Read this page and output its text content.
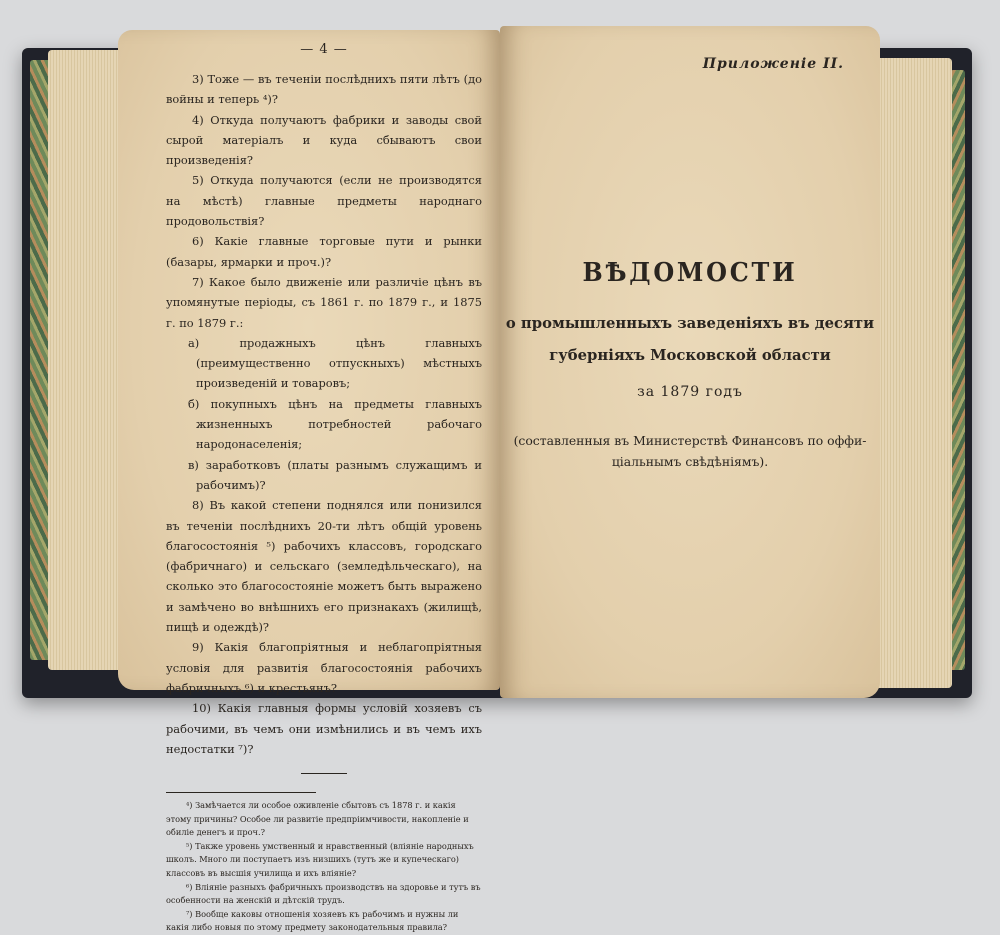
— 4 —

3) Тоже — въ теченіи послѣднихъ пяти лѣтъ (до войны и теперь ⁴)?

4) Откуда получаютъ фабрики и заводы свой сырой матеріалъ и куда сбываютъ свои произведенія?

5) Откуда получаются (если не производятся на мѣстѣ) главные предметы народнаго продовольствія?

6) Какіе главные торговые пути и рынки (базары, ярмарки и проч.)?

7) Какое было движеніе или различіе цѣнъ въ упомянутые періоды, съ 1861 г. по 1879 г., и 1875 г. по 1879 г.:

а) продажныхъ цѣнъ главныхъ (преимущественно отпускныхъ) мѣстныхъ произведеній и товаровъ;

б) покупныхъ цѣнъ на предметы главныхъ жизненныхъ потребностей рабочаго народонаселенія;

в) заработковъ (платы разнымъ служащимъ и рабочимъ)?

8) Въ какой степени поднялся или понизился въ теченіи послѣднихъ 20-ти лѣтъ общій уровень благосостоянія ⁵) рабочихъ классовъ, городскаго (фабричнаго) и сельскаго (земледѣльческаго), на сколько это благосостояніе можетъ быть выражено и замѣчено во внѣшнихъ его признакахъ (жилищѣ, пищѣ и одеждѣ)?

9) Какія благопріятныя и неблагопріятныя условія для развитія благосостоянія рабочихъ фабричныхъ ⁶) и крестьянъ?

10) Какія главныя формы условій хозяевъ съ рабочими, въ чемъ они измѣнились и въ чемъ ихъ недостатки ⁷)?

⁴) Замѣчается ли особое оживленіе сбытовъ съ 1878 г. и какія этому причины? Особое ли развитіе предпріимчивости, накопленіе и обиліе денегъ и проч.?

⁵) Также уровень умственный и нравственный (вліяніе народныхъ школъ. Много ли поступаетъ изъ низшихъ (тутъ же и купеческаго) классовъ въ высшія училища и ихъ вліяніе?

⁶) Вліяніе разныхъ фабричныхъ производствъ на здоровье и тутъ въ особенности на женскій и дѣтскій трудъ.

⁷) Вообще каковы отношенія хозяевъ къ рабочимъ и нужны ли какія либо новыя по этому предмету законодательныя правила?

Приложеніе II.
ВѢДОМОСТИ
о промышленныхъ заведеніяхъ въ десяти
губерніяхъ Московской области
за 1879 годъ
(составленныя въ Министерствѣ Финансовъ по оффи-
ціальнымъ свѣдѣніямъ).
